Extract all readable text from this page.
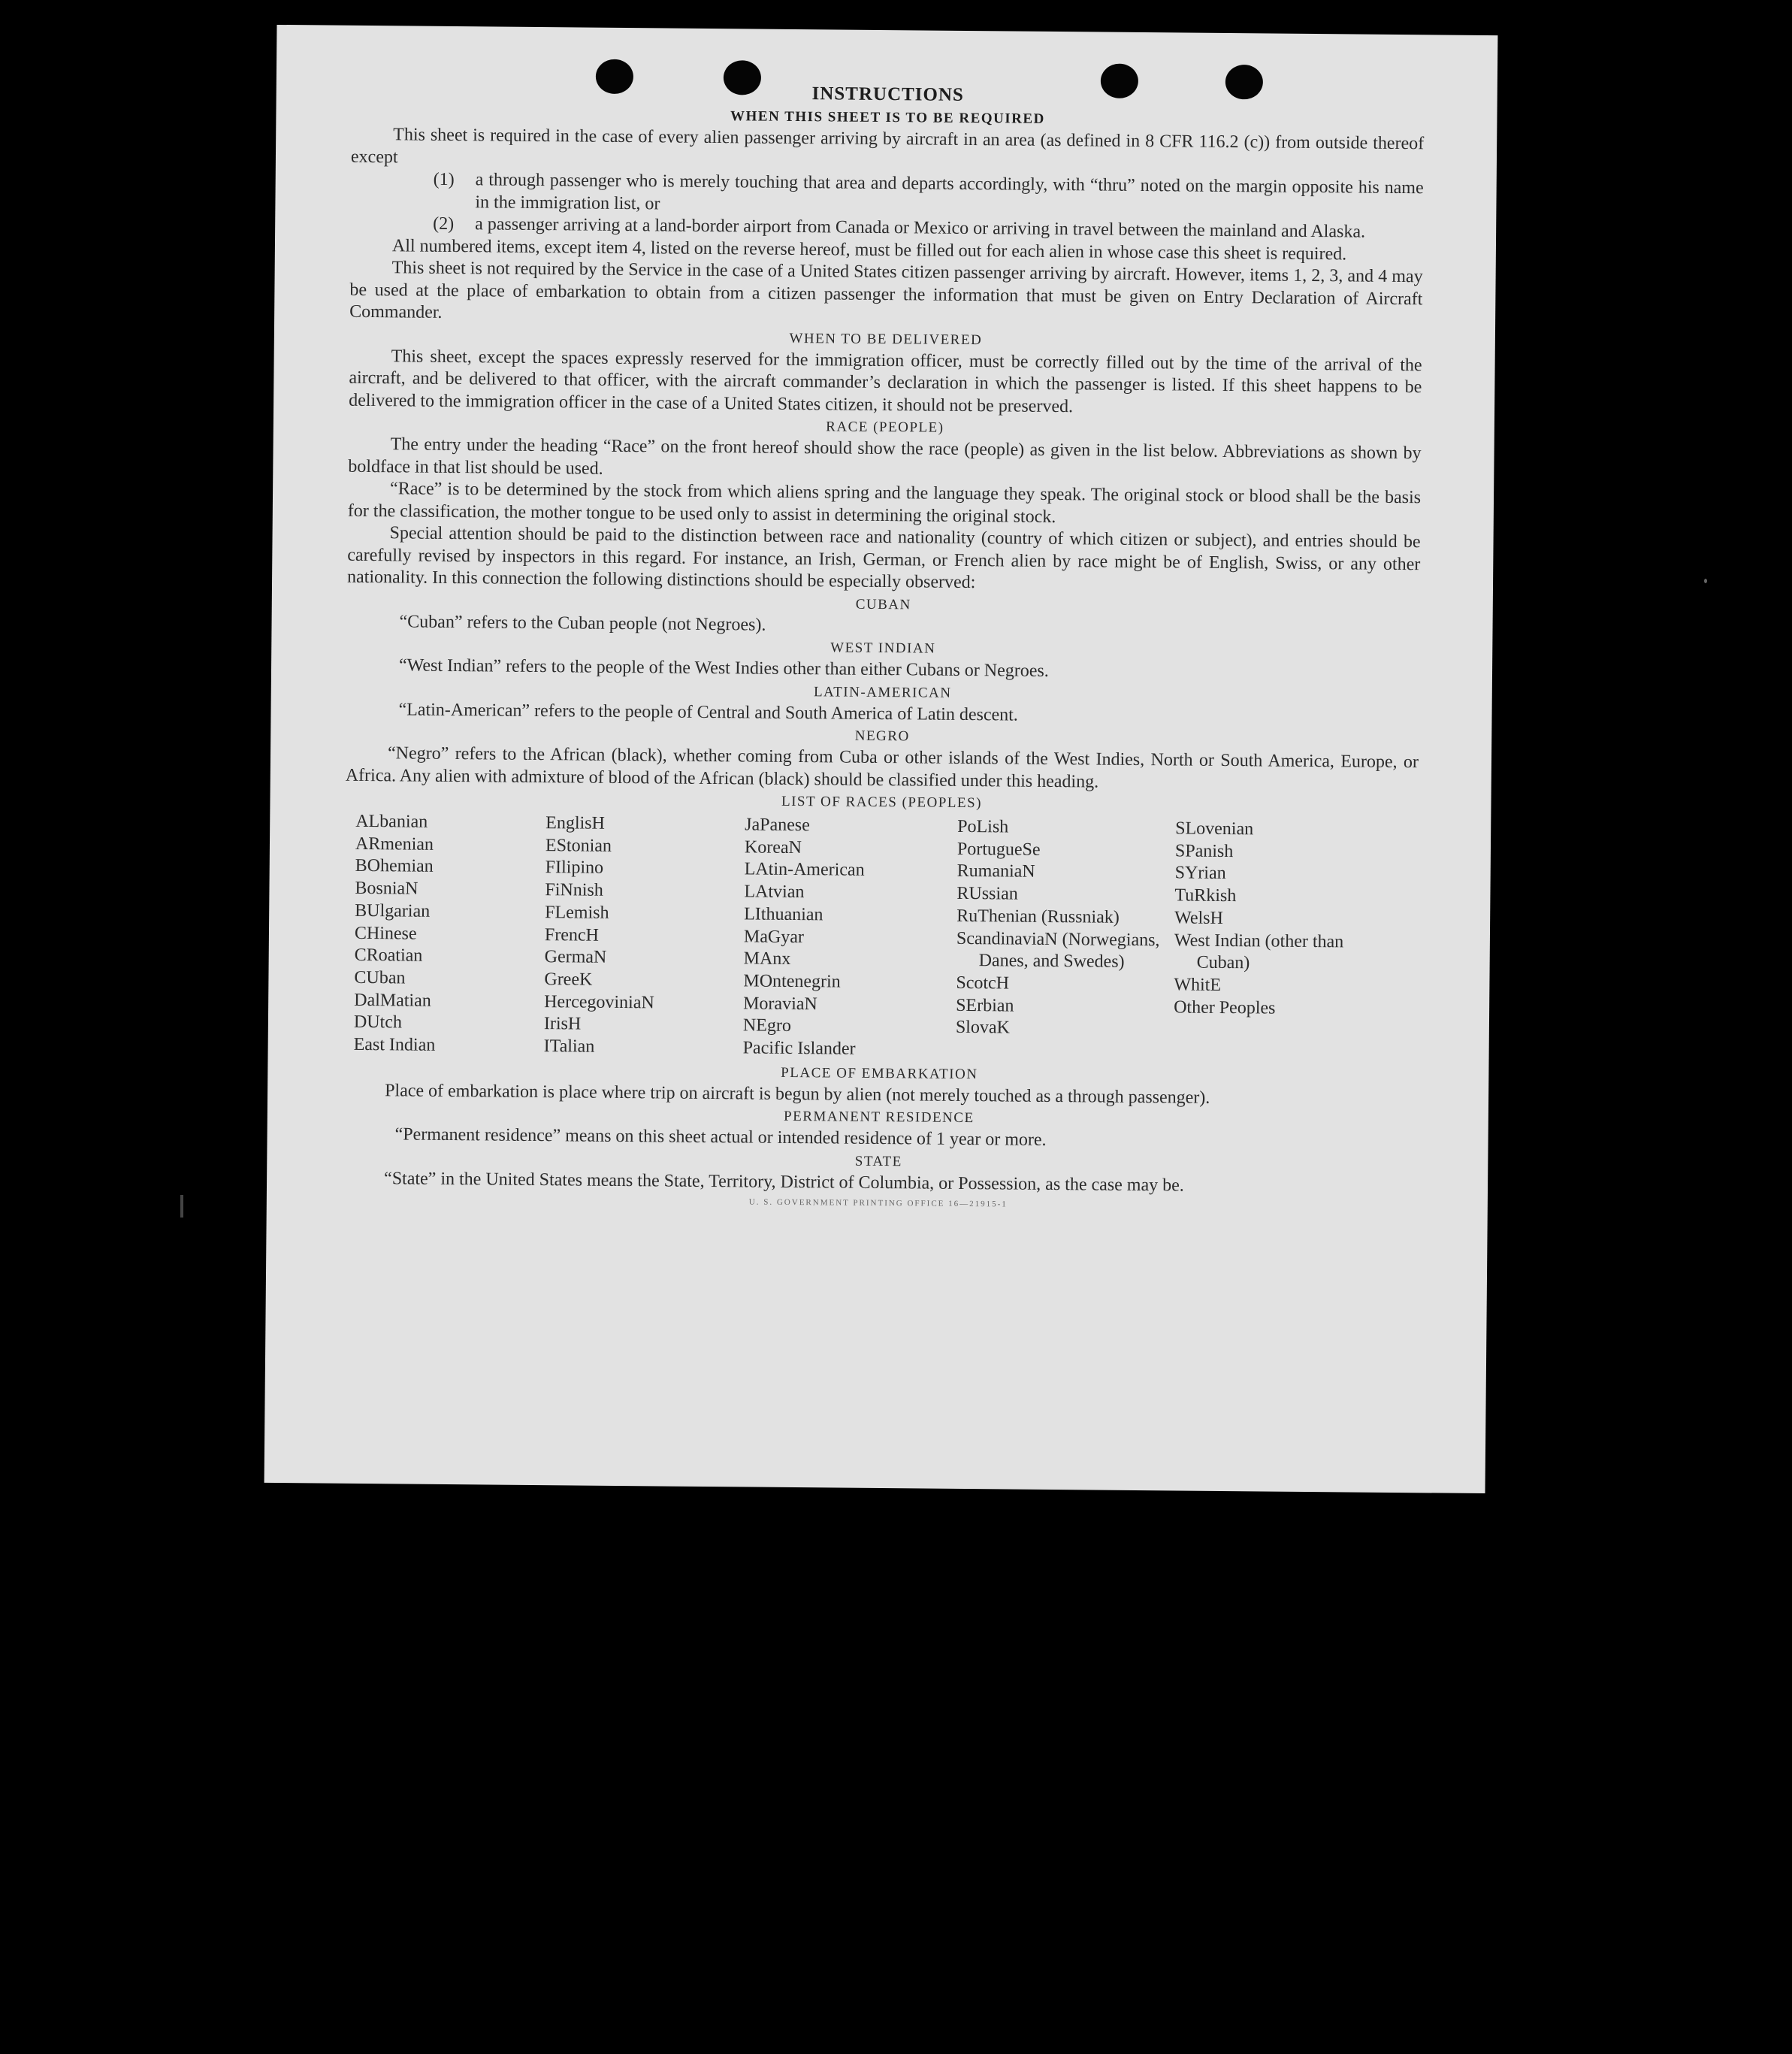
INSTRUCTIONS
WHEN THIS SHEET IS TO BE REQUIRED

This sheet is required in the case of every alien passenger arriving by aircraft in an area (as defined in 8 CFR 116.2 (c)) from outside thereof except

(1)	a through passenger who is merely touching that area and departs accordingly, with “thru” noted on the margin opposite his name in the immigration list, or
(2)	a passenger arriving at a land-border airport from Canada or Mexico or arriving in travel between the mainland and Alaska.

All numbered items, except item 4, listed on the reverse hereof, must be filled out for each alien in whose case this sheet is required.

This sheet is not required by the Service in the case of a United States citizen passenger arriving by aircraft. However, items 1, 2, 3, and 4 may be used at the place of embarkation to obtain from a citizen passenger the information that must be given on Entry Declaration of Aircraft Commander.

WHEN TO BE DELIVERED

This sheet, except the spaces expressly reserved for the immigration officer, must be correctly filled out by the time of the arrival of the aircraft, and be delivered to that officer, with the aircraft commander’s declaration in which the passenger is listed. If this sheet happens to be delivered to the immigration officer in the case of a United States citizen, it should not be preserved.

RACE (PEOPLE)

The entry under the heading “Race” on the front hereof should show the race (people) as given in the list below. Abbreviations as shown by boldface in that list should be used.

“Race” is to be determined by the stock from which aliens spring and the language they speak. The original stock or blood shall be the basis for the classification, the mother tongue to be used only to assist in determining the original stock.

Special attention should be paid to the distinction between race and nationality (country of which citizen or subject), and entries should be carefully revised by inspectors in this regard. For instance, an Irish, German, or French alien by race might be of English, Swiss, or any other nationality. In this connection the following distinctions should be especially observed:

CUBAN

“Cuban” refers to the Cuban people (not Negroes).

WEST INDIAN

“West Indian” refers to the people of the West Indies other than either Cubans or Negroes.

LATIN-AMERICAN

“Latin-American” refers to the people of Central and South America of Latin descent.

NEGRO

“Negro” refers to the African (black), whether coming from Cuba or other islands of the West Indies, North or South America, Europe, or Africa. Any alien with admixture of blood of the African (black) should be classified under this heading.

LIST OF RACES (PEOPLES)
ALbanian
ARmenian
BOhemian
BosniaN
BUlgarian
CHinese
CRoatian
CUban
DalMatian
DUtch
East Indian
EnglisH
EStonian
FIlipino
FiNnish
FLemish
FrencH
GermaN
GreeK
HercegoviniaN
IrisH
ITalian
JaPanese
KoreaN
LAtin-American
LAtvian
LIthuanian
MaGyar
MAnx
MOntenegrin
MoraviaN
NEgro
Pacific Islander
PoLish
PortugueSe
RumaniaN
RUssian
RuThenian (Russniak)
ScandinaviaN (Norwegians, Danes, and Swedes)
ScotcH
SErbian
SlovaK
SLovenian
SPanish
SYrian
TuRkish
WelsH
West Indian (other than Cuban)
WhitE
Other Peoples
PLACE OF EMBARKATION

Place of embarkation is place where trip on aircraft is begun by alien (not merely touched as a through passenger).

PERMANENT RESIDENCE

“Permanent residence” means on this sheet actual or intended residence of 1 year or more.

STATE

“State” in the United States means the State, Territory, District of Columbia, or Possession, as the case may be.

U. S. GOVERNMENT PRINTING OFFICE 16—21915-1
